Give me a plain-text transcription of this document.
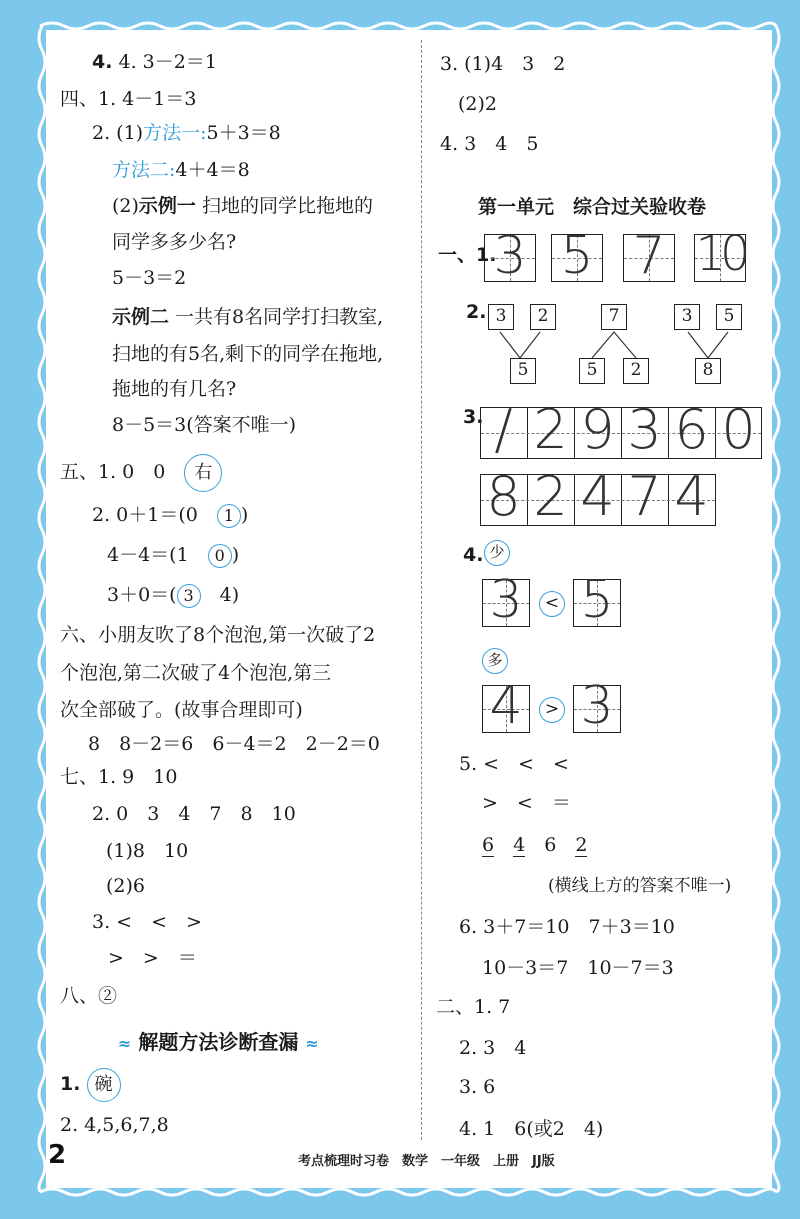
4. 4. 3－2＝1
四、1. 4－1＝3
2. (1)方法一:5＋3＝8
方法二:4＋4＝8
(2)示例一 扫地的同学比拖地的
同学多多少名?
5－3＝2
示例二 一共有8名同学打扫教室,
扫地的有5名,剩下的同学在拖地,
拖地的有几名?
8－5＝3(答案不唯一)
五、1. 0　0　 右
2. 0＋1＝(0　 1 )
4－4＝(1　 0 )
3＋0＝( 3　 4)
六、小朋友吹了8个泡泡,第一次破了2
个泡泡,第二次破了4个泡泡,第三
次全部破了。(故事合理即可)
8　8－2＝6　6－4＝2　2－2＝0
七、1. 9　10
2. 0　3　4　7　8　10
(1)8　10
(2)6
3. <　<　>
>　>　＝
八、②
≈ 解题方法诊断查漏 ≈
1. 碗
2. 4,5,6,7,8
3. (1)4　3　2
(2)2
4. 3　4　5
第一单元　综合过关验收卷
一、1.
3 5 7 10
2. 3	2
5
7
5	2
3	5
8
3. / 2 9 3 6 0
8 2 4 7 4
4. 少
3	< 5
多
4	> 3
5. <　<　<
>　<　＝
6　 4　 6　 2
(横线上方的答案不唯一)
6. 3＋7＝10　7＋3＝10
10－3＝7　10－7＝3
二、1. 7
2. 3　4
3. 6
4. 1　6(或2　4)
2	考点梳理时习卷　数学　一年级　上册　JJ版
